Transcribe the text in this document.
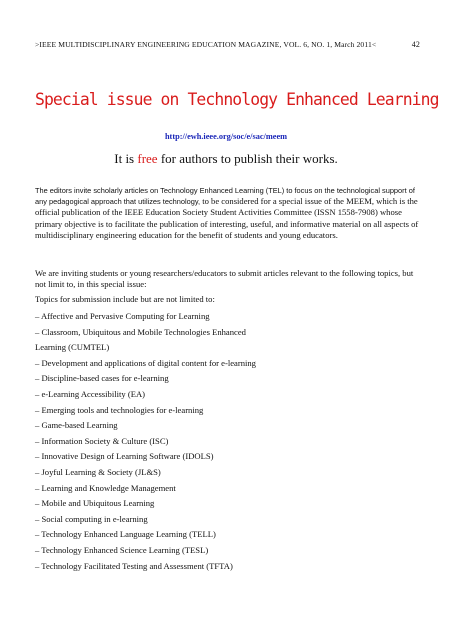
>IEEE MULTIDISCIPLINARY ENGINEERING EDUCATION MAGAZINE, VOL. 6, NO. 1, March 2011<	42
Special issue on Technology Enhanced Learning
http://ewh.ieee.org/soc/e/sac/meem
It is free for authors to publish their works.
The editors invite scholarly articles on Technology Enhanced Learning (TEL) to focus on the technological support of any pedagogical approach that utilizes technology, to be considered for a special issue of the MEEM, which is the official publication of the IEEE Education Society Student Activities Committee (ISSN 1558-7908) whose primary objective is to facilitate the publication of interesting, useful, and informative material on all aspects of multidisciplinary engineering education for the benefit of students and young educators.
We are inviting students or young researchers/educators to submit articles relevant to the following topics, but not limit to, in this special issue:
Topics for submission include but are not limited to:
– Affective and Pervasive Computing for Learning
– Classroom, Ubiquitous and Mobile Technologies Enhanced
Learning (CUMTEL)
– Development and applications of digital content for e-learning
– Discipline-based cases for e-learning
– e-Learning Accessibility (EA)
– Emerging tools and technologies for e-learning
– Game-based Learning
– Information Society & Culture (ISC)
– Innovative Design of Learning Software (IDOLS)
– Joyful Learning & Society (JL&S)
– Learning and Knowledge Management
– Mobile and Ubiquitous Learning
– Social computing in e-learning
– Technology Enhanced Language Learning (TELL)
– Technology Enhanced Science Learning (TESL)
– Technology Facilitated Testing and Assessment (TFTA)
